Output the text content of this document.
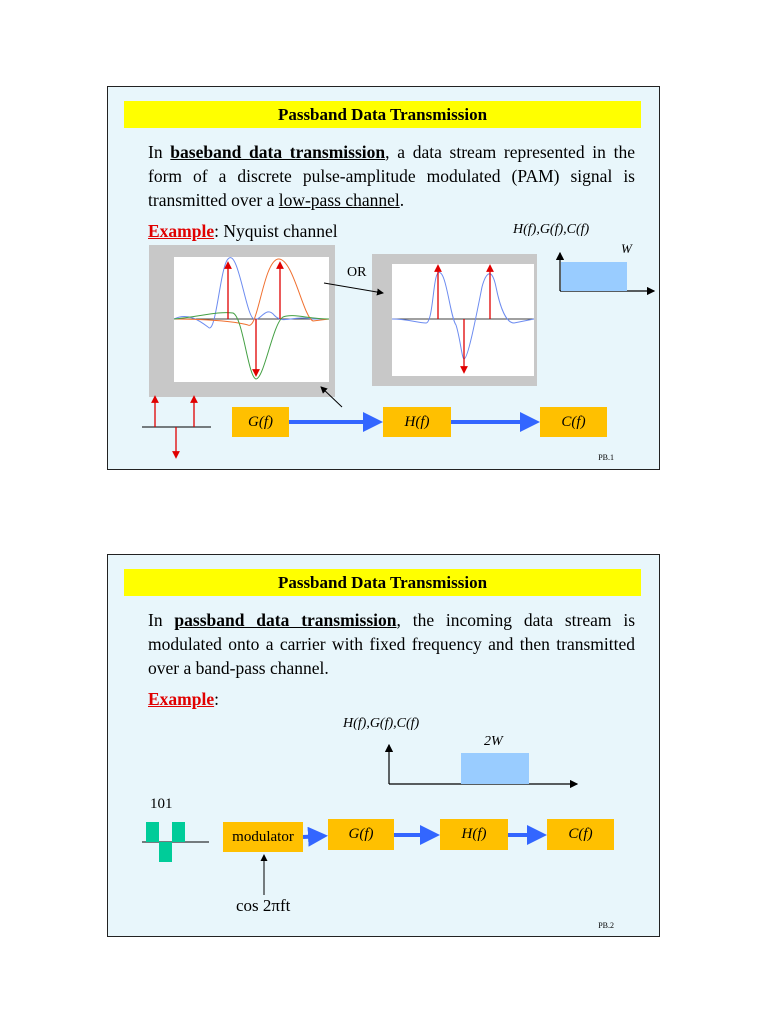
Passband Data Transmission
In baseband data transmission, a data stream represented in the form of a discrete pulse-amplitude modulated (PAM) signal is transmitted over a low-pass channel.
Example: Nyquist channel	H(f),G(f),C(f)
W
OR
G(f)	H(f)	C(f)
PB.1
Passband Data Transmission
In passband data transmission, the incoming data stream is modulated onto a carrier with fixed frequency and then transmitted over a band-pass channel.
Example:
H(f),G(f),C(f)
2W
101
modulator	G(f)	H(f)	C(f)
cos 2πft
PB.2
